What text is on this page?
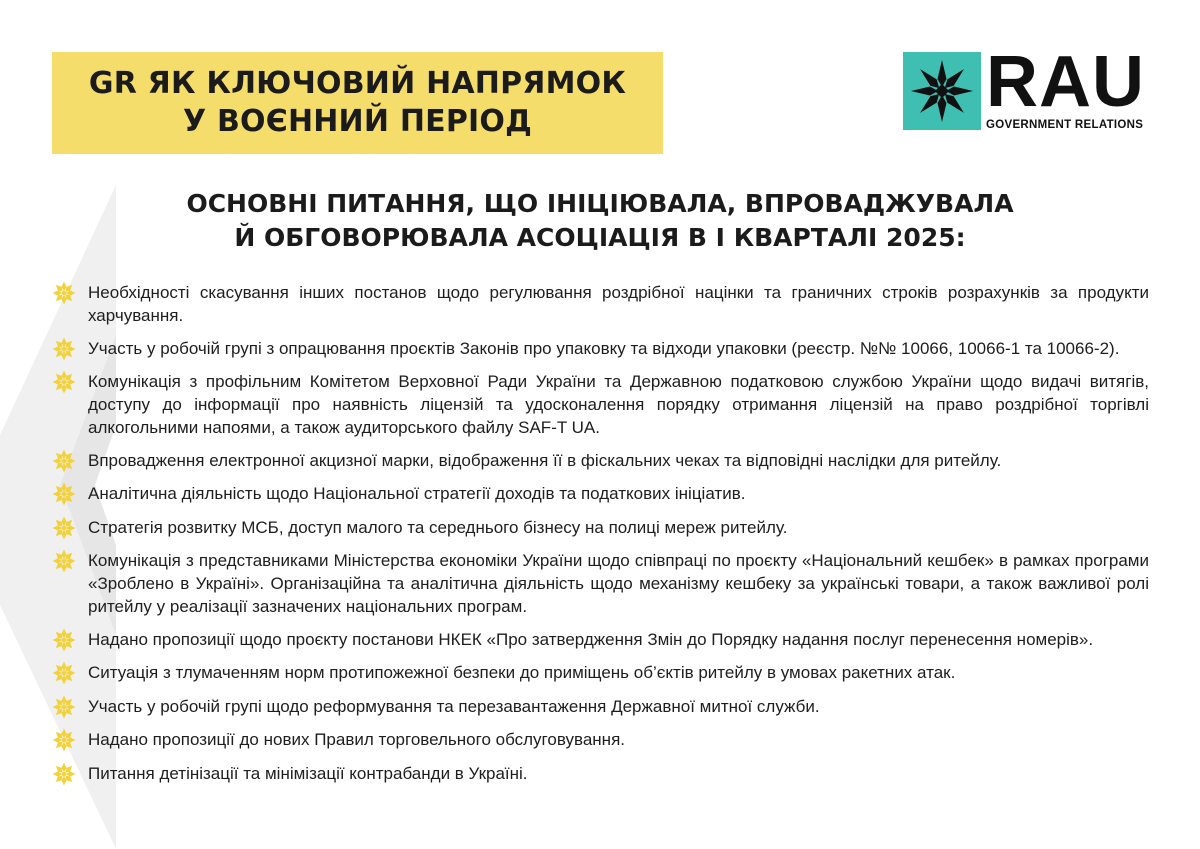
GR ЯК КЛЮЧОВИЙ НАПРЯМОК
У ВОЄННИЙ ПЕРІОД	RAU
GOVERNMENT RELATIONS
ОСНОВНІ ПИТАННЯ, ЩО ІНІЦІЮВАЛА, ВПРОВАДЖУВАЛА
Й ОБГОВОРЮВАЛА АСОЦІАЦІЯ В І КВАРТАЛІ 2025:
Необхідності скасування інших постанов щодо регулювання роздрібної націнки та граничних строків розрахунків за продукти харчування.
Участь у робочій групі з опрацювання проєктів Законів про упаковку та відходи упаковки (реєстр. №№ 10066, 10066-1 та 10066-2).
Комунікація з профільним Комітетом Верховної Ради України та Державною податковою службою України щодо видачі витягів, доступу до інформації про наявність ліцензій та удосконалення порядку отримання ліцензій на право роздрібної торгівлі алкогольними напоями, а також аудиторського файлу SAF-T UA.
Впровадження електронної акцизної марки, відображення її в фіскальних чеках та відповідні наслідки для ритейлу.
Аналітична діяльність щодо Національної стратегії доходів та податкових ініціатив.
Стратегія розвитку МСБ, доступ малого та середнього бізнесу на полиці мереж ритейлу.
Комунікація з представниками Міністерства економіки України щодо співпраці по проєкту «Національний кешбек» в рамках програми «Зроблено в Україні». Організаційна та аналітична діяльність щодо механізму кешбеку за українські товари, а також важливої ролі ритейлу у реалізації зазначених національних програм.
Надано пропозиції щодо проєкту постанови НКЕК «Про затвердження Змін до Порядку надання послуг перенесення номерів».
Ситуація з тлумаченням норм протипожежної безпеки до приміщень об’єктів ритейлу в умовах ракетних атак.
Участь у робочій групі щодо реформування та перезавантаження Державної митної служби.
Надано пропозиції до нових Правил торговельного обслуговування.
Питання детінізації та мінімізації контрабанди в Україні.
